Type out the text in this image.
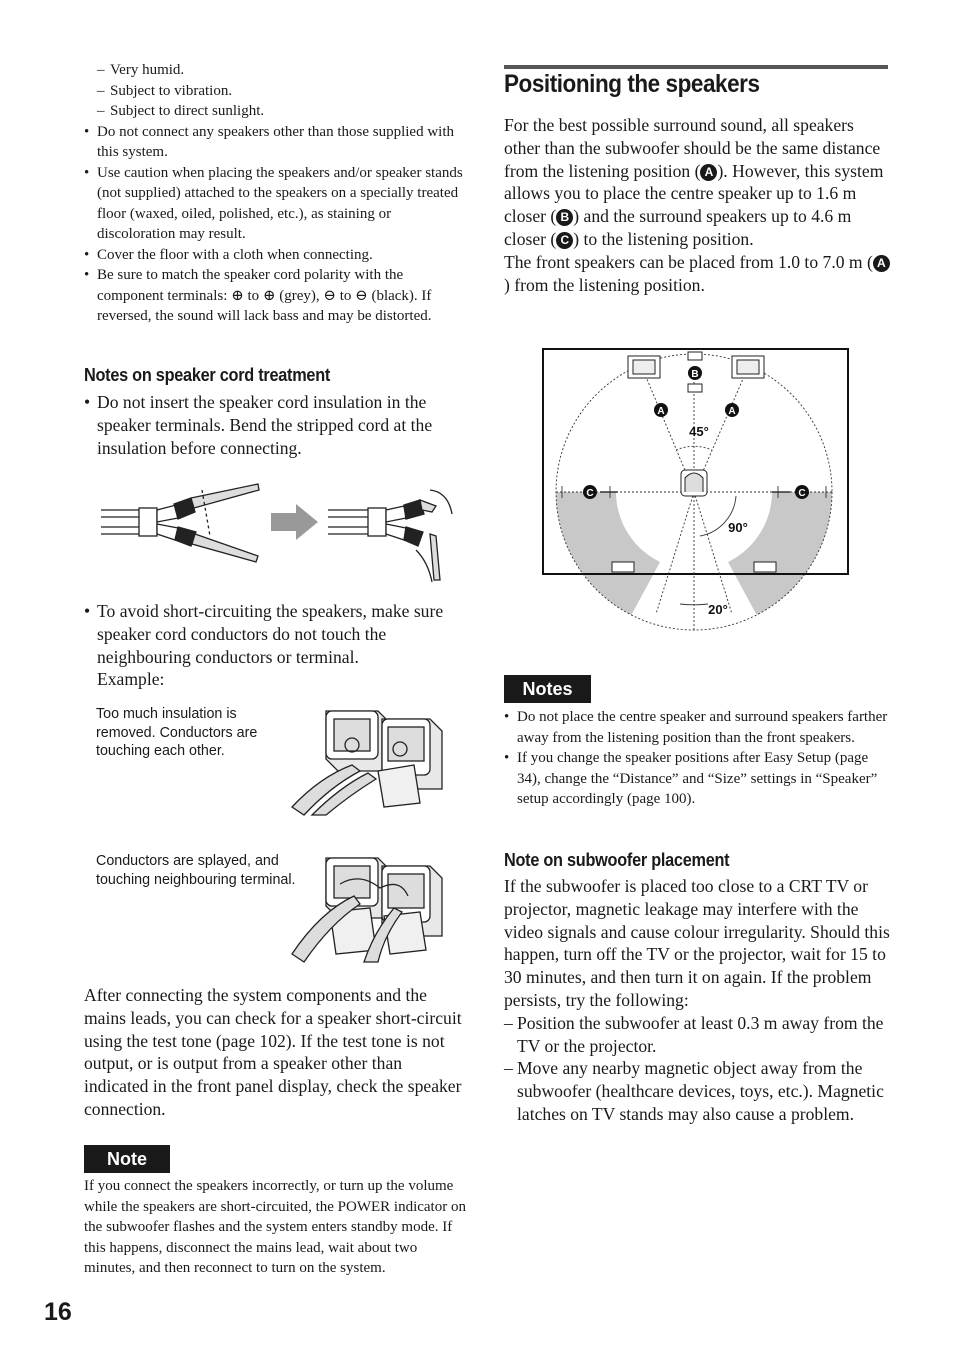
– Very humid.
– Subject to vibration.
– Subject to direct sunlight.
• Do not connect any speakers other than those supplied with this system.
• Use caution when placing the speakers and/or speaker stands (not supplied) attached to the speakers on a specially treated floor (waxed, oiled, polished, etc.), as staining or discoloration may result.
• Cover the floor with a cloth when connecting.
• Be sure to match the speaker cord polarity with the component terminals: ⊕ to ⊕ (grey), ⊖ to ⊖ (black). If reversed, the sound will lack bass and may be distorted.
Notes on speaker cord treatment
• Do not insert the speaker cord insulation in the speaker terminals. Bend the stripped cord at the insulation before connecting.
• To avoid short-circuiting the speakers, make sure speaker cord conductors do not touch the neighbouring conductors or terminal.
Example:
Too much insulation is removed. Conductors are touching each other.
Conductors are splayed, and touching neighbouring terminal.
After connecting the system components and the mains leads, you can check for a speaker short-circuit using the test tone (page 102). If the test tone is not output, or is output from a speaker other than indicated in the front panel display, check the speaker connection.
Note
If you connect the speakers incorrectly, or turn up the volume while the speakers are short-circuited, the POWER indicator on the subwoofer flashes and the system enters standby mode. If this happens, disconnect the mains lead, wait about two minutes, and then reconnect to turn on the system.
16
Positioning the speakers
For the best possible surround sound, all speakers other than the subwoofer should be the same distance from the listening position ( A ). However, this system allows you to place the centre speaker up to 1.6 m closer ( B ) and the surround speakers up to 4.6 m closer ( C ) to the listening position.
The front speakers can be placed from 1.0 to 7.0 m ( A) from the listening position.
B
A	A
C	C
45°
90°
20°
Notes
• Do not place the centre speaker and surround speakers farther away from the listening position than the front speakers.
• If you change the speaker positions after Easy Setup (page 34), change the “Distance” and “Size” settings in “Speaker” setup accordingly (page 100).
Note on subwoofer placement
If the subwoofer is placed too close to a CRT TV or projector, magnetic leakage may interfere with the video signals and cause colour irregularity. Should this happen, turn off the TV or the projector, wait for 15 to 30 minutes, and then turn it on again. If the problem persists, try the following:
– Position the subwoofer at least 0.3 m away from the TV or the projector.
– Move any nearby magnetic object away from the subwoofer (healthcare devices, toys, etc.). Magnetic latches on TV stands may also cause a problem.
